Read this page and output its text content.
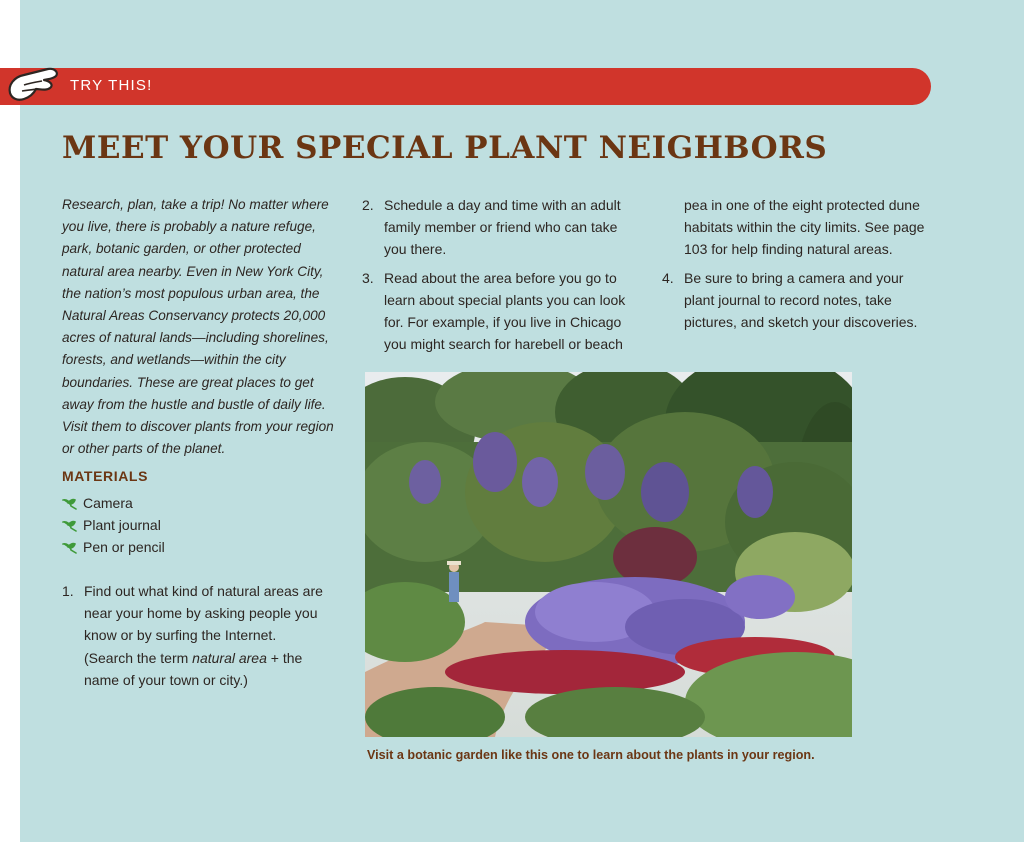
TRY THIS!
MEET YOUR SPECIAL PLANT NEIGHBORS

Research, plan, take a trip! No matter where you live, there is probably a nature refuge, park, botanic garden, or other protected natural area nearby. Even in New York City, the nation’s most populous urban area, the Natural Areas Conservancy protects 20,000 acres of natural lands—including shorelines, forests, and wetlands—within the city boundaries. These are great places to get away from the hustle and bustle of daily life. Visit them to discover plants from your region or other parts of the planet.

MATERIALS
Camera
Plant journal
Pen or pencil
1. Find out what kind of natural areas are near your home by asking people you know or by surfing the Internet. (Search the term natural area + the name of your town or city.)
2. Schedule a day and time with an adult family member or friend who can take you there.
3. Read about the area before you go to learn about special plants you can look for. For example, if you live in Chicago you might search for harebell or beach
pea in one of the eight protected dune habitats within the city limits. See page 103 for help finding natural areas.
4. Be sure to bring a camera and your plant journal to record notes, take pictures, and sketch your discoveries.
Visit a botanic garden like this one to learn about the plants in your region.
